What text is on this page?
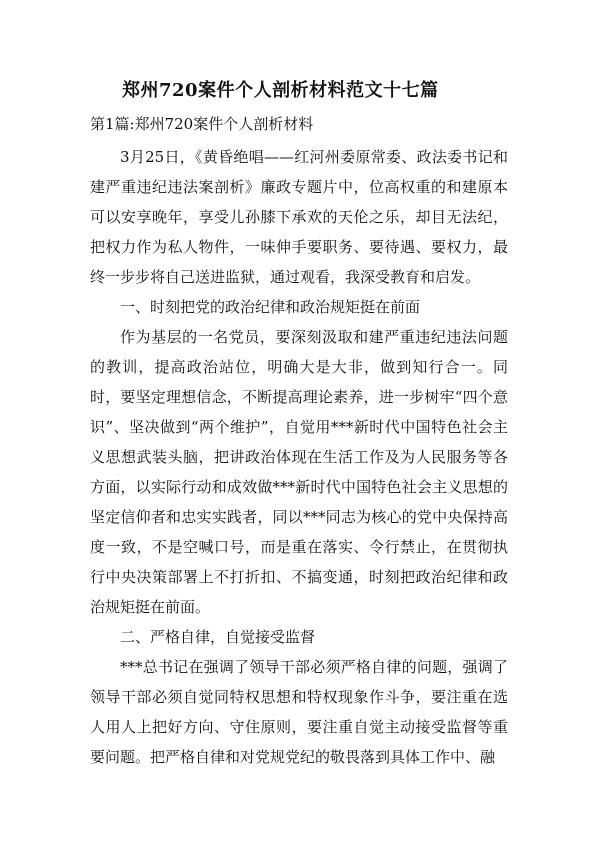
郑州720案件个人剖析材料范文十七篇

第1篇:郑州720案件个人剖析材料

3月25日，《黄昏绝唱——红河州委原常委、政法委书记和建严重违纪违法案剖析》廉政专题片中，位高权重的和建原本可以安享晚年，享受儿孙膝下承欢的天伦之乐，却目无法纪，把权力作为私人物件，一味伸手要职务、要待遇、要权力，最终一步步将自己送进监狱，通过观看，我深受教育和启发。

一、时刻把党的政治纪律和政治规矩挺在前面

作为基层的一名党员，要深刻汲取和建严重违纪违法问题的教训，提高政治站位，明确大是大非，做到知行合一。同时，要坚定理想信念，不断提高理论素养，进一步树牢“四个意识”、坚决做到“两个维护”，自觉用***新时代中国特色社会主义思想武装头脑，把讲政治体现在生活工作及为人民服务等各方面，以实际行动和成效做***新时代中国特色社会主义思想的坚定信仰者和忠实实践者，同以***同志为核心的党中央保持高度一致，不是空喊口号，而是重在落实、令行禁止，在贯彻执行中央决策部署上不打折扣、不搞变通，时刻把政治纪律和政治规矩挺在前面。

二、严格自律，自觉接受监督

***总书记在强调了领导干部必须严格自律的问题，强调了领导干部必须自觉同特权思想和特权现象作斗争，要注重在选人用人上把好方向、守住原则，要注重自觉主动接受监督等重要问题。把严格自律和对党规党纪的敬畏落到具体工作中、融
